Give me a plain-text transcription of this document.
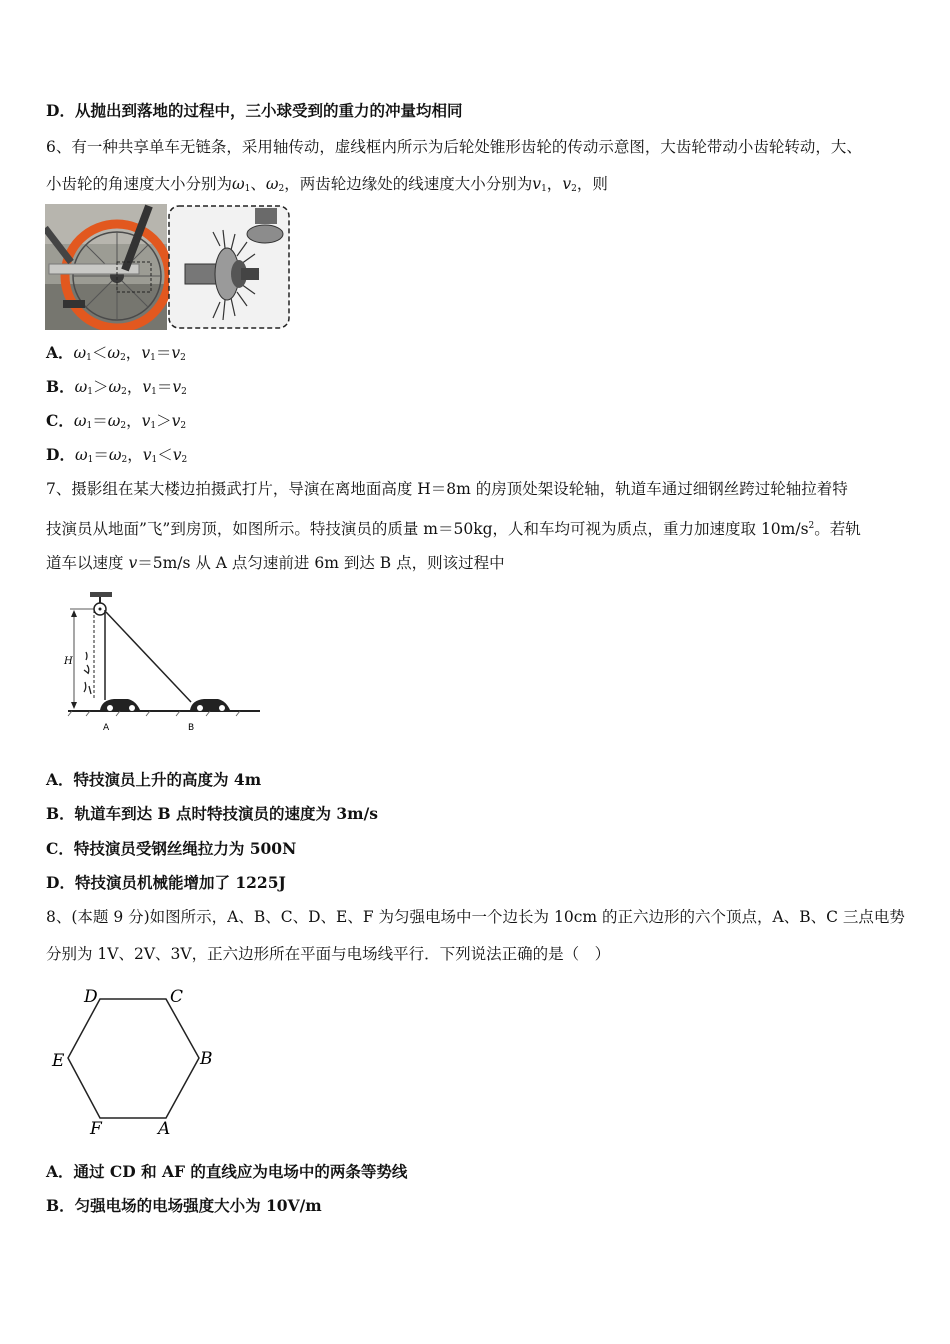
D．从抛出到落地的过程中，三小球受到的重力的冲量均相同
6、有一种共享单车无链条，采用轴传动，虚线框内所示为后轮处锥形齿轮的传动示意图，大齿轮带动小齿轮转动，大、
小齿轮的角速度大小分别为$\omega_1$、$\omega_2$，两齿轮边缘处的线速度大小分别为$v_1$，$v_2$，则
A．$\omega_1<\omega_2$，$v_1=v_2$
B．$\omega_1>\omega_2$，$v_1=v_2$
C．$\omega_1=\omega_2$，$v_1>v_2$
D．$\omega_1=\omega_2$，$v_1<v_2$
7、摄影组在某大楼边拍摄武打片，导演在离地面高度 H＝8m 的房顶处架设轮轴，轨道车通过细钢丝跨过轮轴拉着特
技演员从地面”飞”到房顶，如图所示。特技演员的质量 m＝50kg，人和车均可视为质点，重力加速度取 $10m/s^2$。若轨
道车以速度 v＝5m/s 从 A 点匀速前进 6m 到达 B 点，则该过程中
H
A	B
A．特技演员上升的高度为 4m
B．轨道车到达 B 点时特技演员的速度为 3m/s
C．特技演员受钢丝绳拉力为 500N
D．特技演员机械能增加了 1225J
8、(本题 9 分)如图所示，A、B、C、D、E、F 为匀强电场中一个边长为 10cm 的正六边形的六个顶点，A、B、C 三点电势
分别为 1V、2V、3V，正六边形所在平面与电场线平行．下列说法正确的是（　）
A
B
C
D
E
F
A．通过 CD 和 AF 的直线应为电场中的两条等势线
B．匀强电场的电场强度大小为 10V/m
